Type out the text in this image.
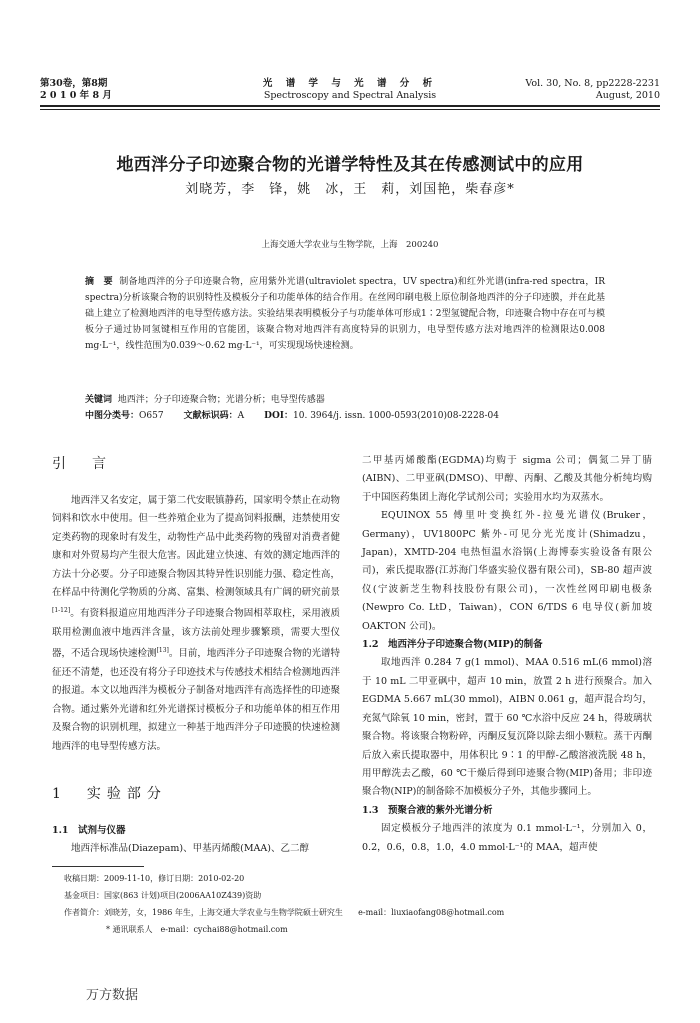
第30卷，第8期
2 0 1 0 年 8 月
光 谱 学 与 光 谱 分 析
Spectroscopy and Spectral Analysis
Vol. 30, No. 8, pp2228-2231
August, 2010
地西泮分子印迹聚合物的光谱学特性及其在传感测试中的应用
刘晓芳，李　锋，姚　冰，王　莉，刘国艳，柴春彦*
上海交通大学农业与生物学院，上海　200240
摘　要 制备地西泮的分子印迹聚合物，应用紫外光谱(ultraviolet spectra，UV spectra)和红外光谱(infra-red spectra，IR spectra)分析该聚合物的识别特性及模板分子和功能单体的结合作用。在丝网印刷电极上原位制备地西泮的分子印迹膜，并在此基础上建立了检测地西泮的电导型传感方法。实验结果表明模板分子与功能单体可形成1∶2型氢键配合物，印迹聚合物中存在可与模板分子通过协同氢键相互作用的官能团，该聚合物对地西泮有高度特异的识别力，电导型传感方法对地西泮的检测限达0.008 mg·L⁻¹，线性范围为0.039～0.62 mg·L⁻¹，可实现现场快速检测。
关键词 地西泮；分子印迹聚合物；光谱分析；电导型传感器
中图分类号：O657 文献标识码：A DOI：10. 3964/j. issn. 1000-0593(2010)08-2228-04
引　言
地西泮又名安定，属于第二代安眠镇静药，国家明令禁止在动物饲料和饮水中使用。但一些养殖企业为了提高饲料报酬，违禁使用安定类药物的现象时有发生，动物性产品中此类药物的残留对消费者健康和对外贸易均产生很大危害。因此建立快速、有效的测定地西泮的方法十分必要。分子印迹聚合物因其特异性识别能力强、稳定性高，在样品中待测化学物质的分离、富集、检测领域具有广阔的研究前景[1-12]。有资料报道应用地西泮分子印迹聚合物固相萃取柱，采用液质联用检测血液中地西泮含量，该方法前处理步骤繁琐，需要大型仪器，不适合现场快速检测[13]。目前，地西泮分子印迹聚合物的光谱特征还不清楚，也还没有将分子印迹技术与传感技术相结合检测地西泮的报道。本文以地西泮为模板分子制备对地西泮有高选择性的印迹聚合物。通过紫外光谱和红外光谱探讨模板分子和功能单体的相互作用及聚合物的识别机理，拟建立一种基于地西泮分子印迹膜的快速检测地西泮的电导型传感方法。
1　实验部分
1.1　试剂与仪器
地西泮标准品(Diazepam)、甲基丙烯酸(MAA)、乙二醇
二甲基丙烯酸酯(EGDMA)均购于 sigma 公司；偶氮二异丁腈(AIBN)、二甲亚砜(DMSO)、甲醇、丙酮、乙酸及其他分析纯均购于中国医药集团上海化学试剂公司；实验用水均为双蒸水。
EQUINOX 55 傅里叶变换红外-拉曼光谱仪(Bruker，Germany)，UV1800PC 紫外-可见分光光度计(Shimadzu，Japan)，XMTD-204 电热恒温水浴锅(上海博泰实验设备有限公司)，索氏提取器(江苏海门华盛实验仪器有限公司)，SB-80 超声波仪(宁波新芝生物科技股份有限公司)，一次性丝网印刷电极条(Newpro Co. LtD，Taiwan)，CON 6/TDS 6 电导仪(新加坡 OAKTON 公司)。
1.2　地西泮分子印迹聚合物(MIP)的制备
取地西泮 0.284 7 g(1 mmol)、MAA 0.516 mL(6 mmol)溶于 10 mL 二甲亚砜中，超声 10 min，放置 2 h 进行预聚合。加入 EGDMA 5.667 mL(30 mmol)，AIBN 0.061 g，超声混合均匀，充氮气除氧 10 min，密封，置于 60 ℃水浴中反应 24 h，得玻璃状聚合物。将该聚合物粉碎，丙酮反复沉降以除去细小颗粒。蒸干丙酮后放入索氏提取器中，用体积比 9∶1 的甲醇-乙酸溶液洗脱 48 h，用甲醇洗去乙酸，60 ℃干燥后得到印迹聚合物(MIP)备用；非印迹聚合物(NIP)的制备除不加模板分子外，其他步骤同上。
1.3　预聚合液的紫外光谱分析
固定模板分子地西泮的浓度为 0.1 mmol·L⁻¹，分别加入 0，0.2，0.6，0.8，1.0，4.0 mmol·L⁻¹的 MAA，超声使
收稿日期：2009-11-10，修订日期：2010-02-20
基金项目：国家(863 计划)项目(2006AA10Z439)资助
作者简介：刘晓芳，女，1986 年生，上海交通大学农业与生物学院硕士研究生 e-mail：liuxiaofang08@hotmail.com
* 通讯联系人　e-mail：cychai88@hotmail.com
万方数据
